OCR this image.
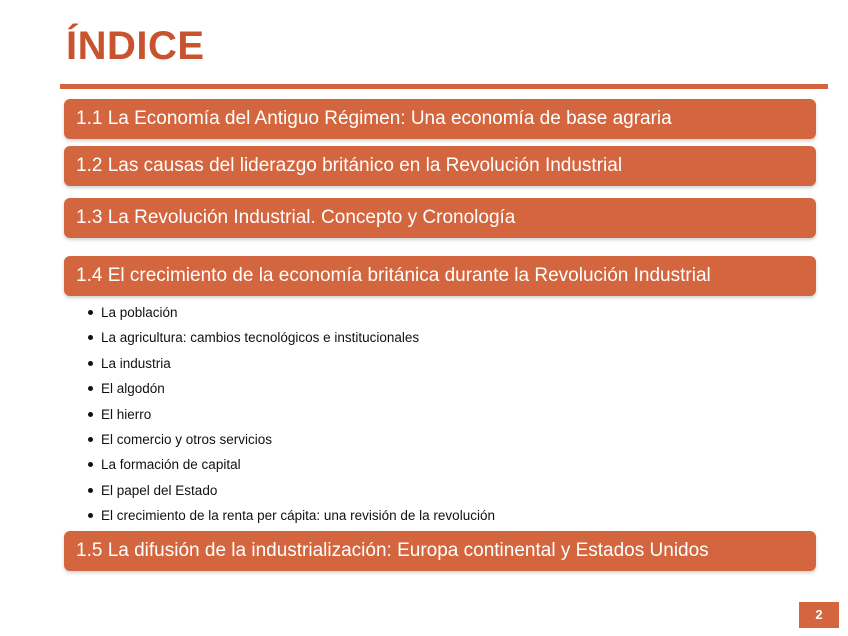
ÍNDICE
1.1 La Economía del Antiguo Régimen: Una economía de base agraria
1.2 Las causas del liderazgo británico en la Revolución Industrial
1.3 La Revolución Industrial. Concepto y Cronología
1.4 El crecimiento de la economía británica durante la Revolución Industrial
La población
La agricultura: cambios tecnológicos e institucionales
La industria
El algodón
El hierro
El comercio y otros servicios
La formación de capital
El papel del Estado
El crecimiento de la renta per cápita: una revisión de la revolución
1.5 La difusión de la industrialización: Europa continental y Estados Unidos
2
